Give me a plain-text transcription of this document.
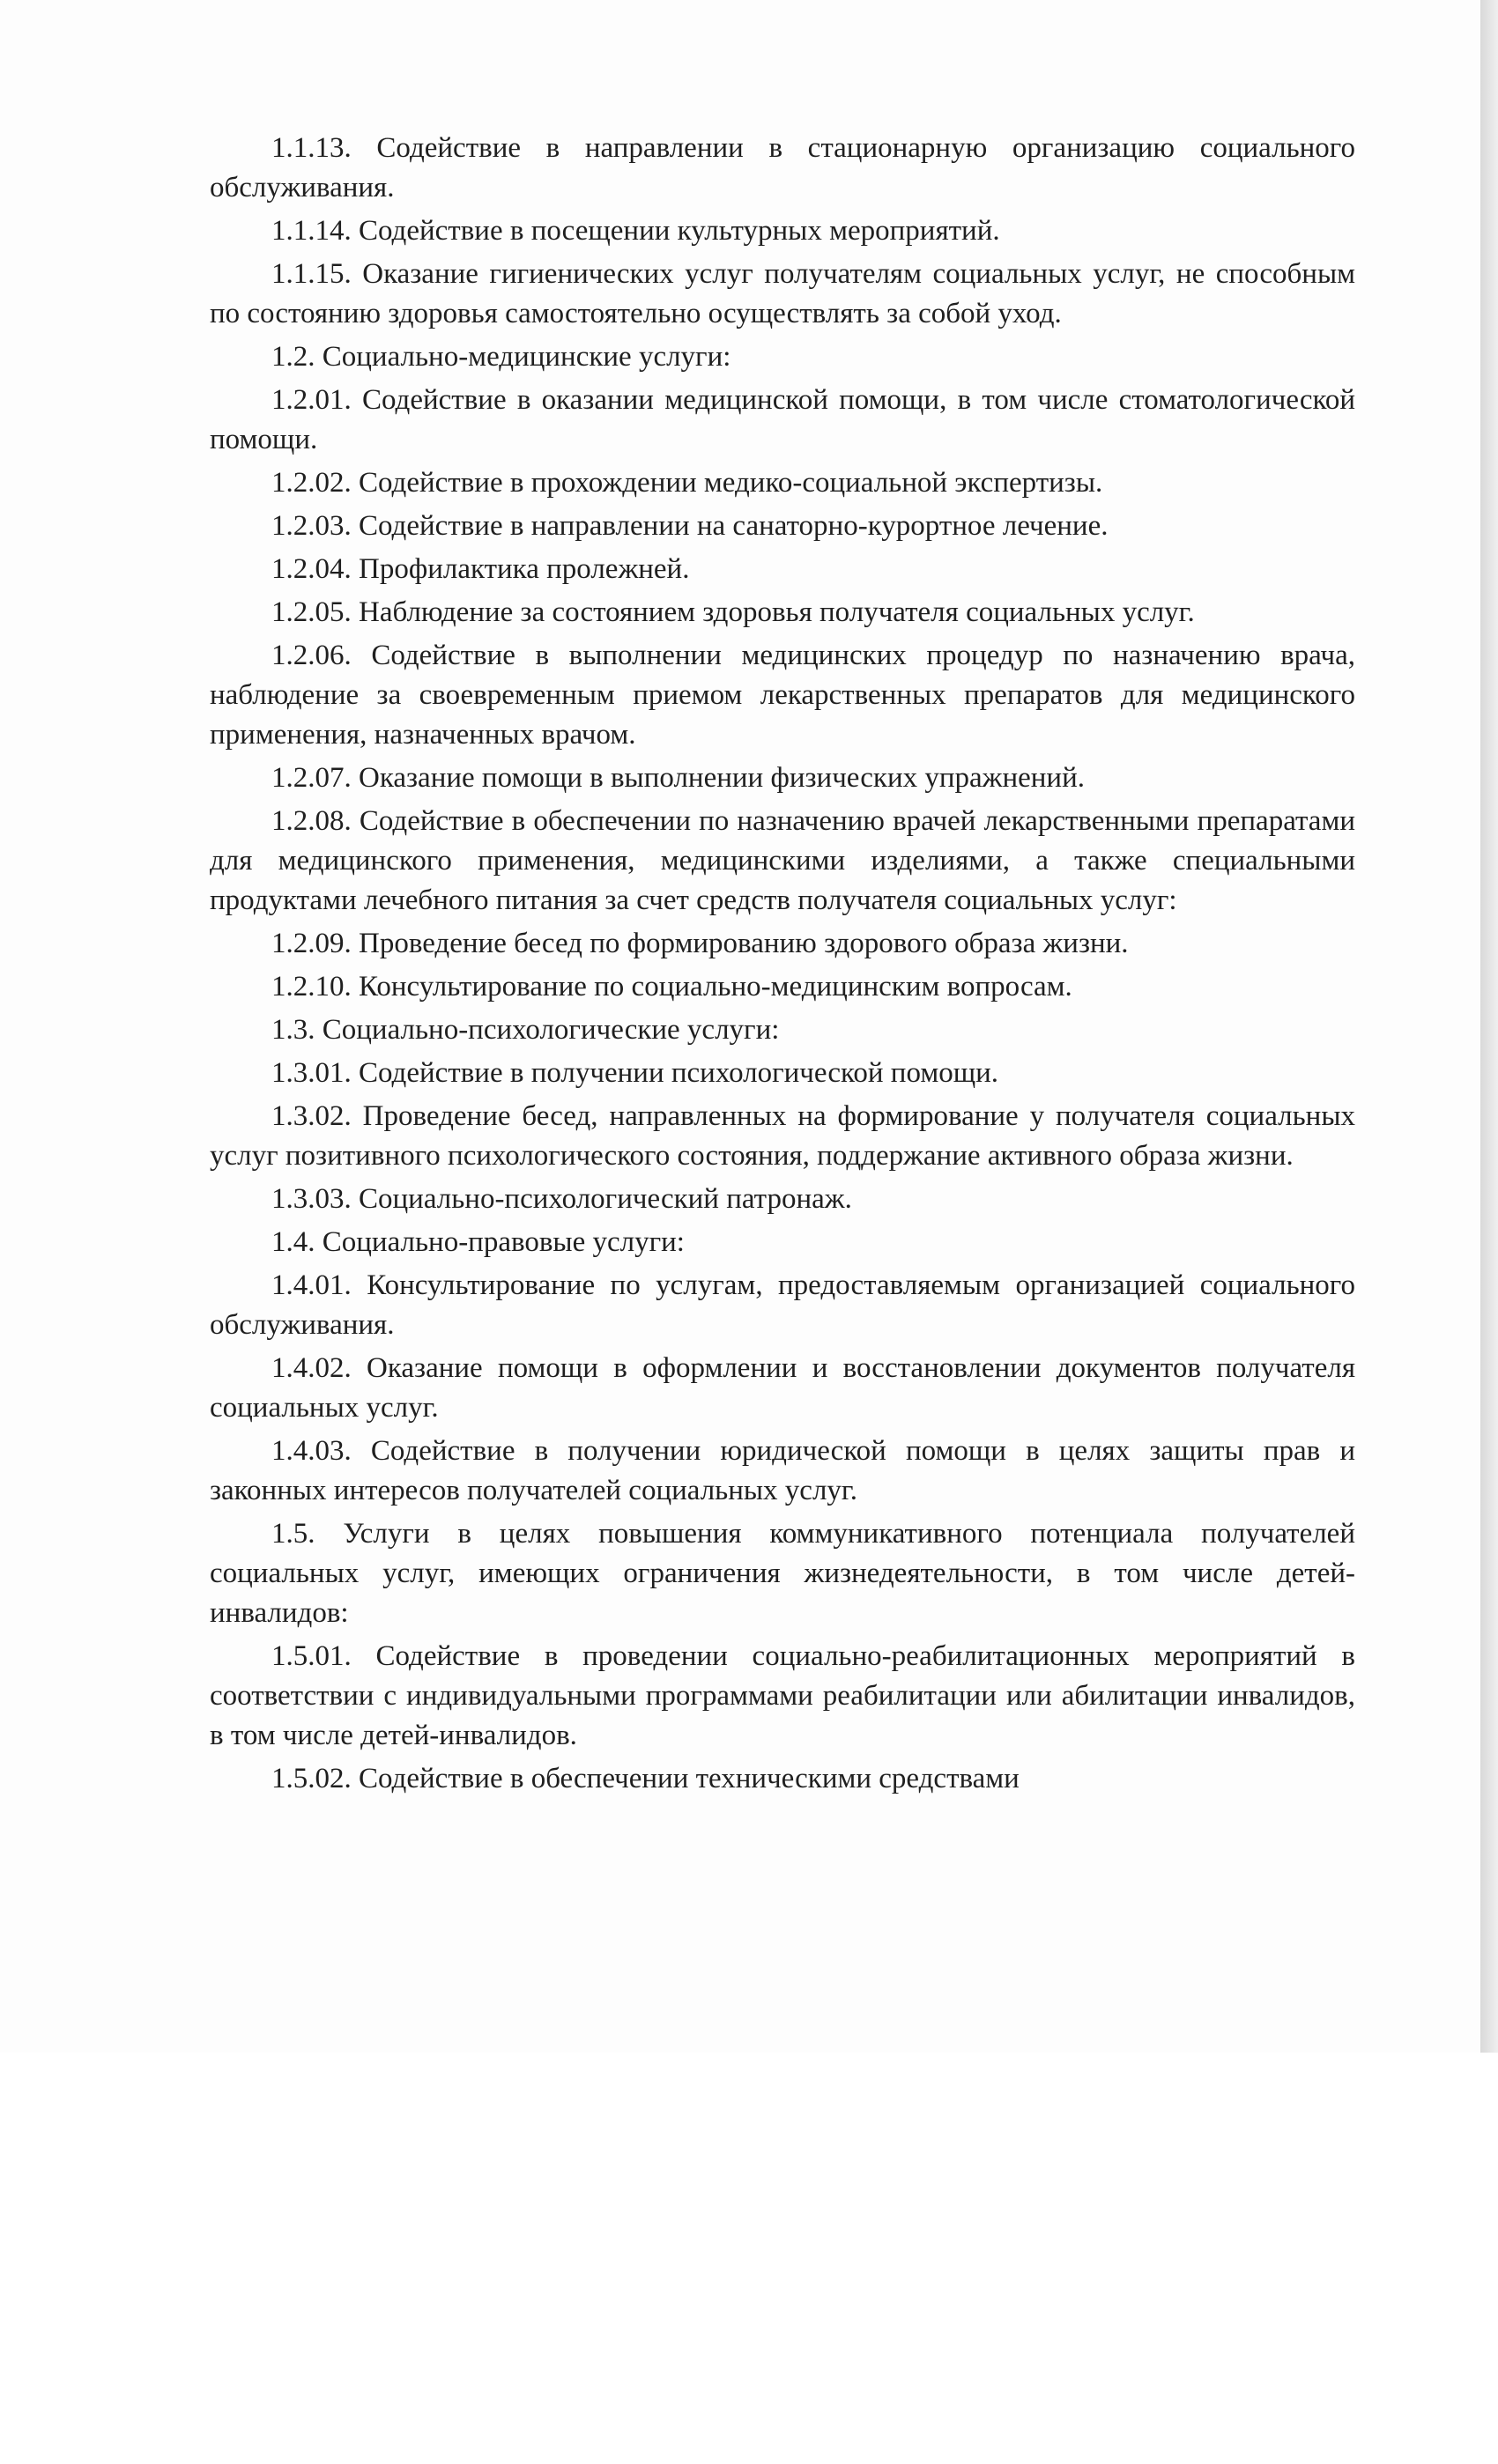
1.1.13. Содействие в направлении в стационарную организацию социального обслуживания.

1.1.14. Содействие в посещении культурных мероприятий.

1.1.15. Оказание гигиенических услуг получателям социальных услуг, не способным по состоянию здоровья самостоятельно осуществлять за собой уход.

1.2. Социально-медицинские услуги:

1.2.01. Содействие в оказании медицинской помощи, в том числе стоматологической помощи.

1.2.02. Содействие в прохождении медико-социальной экспертизы.

1.2.03. Содействие в направлении на санаторно-курортное лечение.

1.2.04. Профилактика пролежней.

1.2.05. Наблюдение за состоянием здоровья получателя социальных услуг.

1.2.06. Содействие в выполнении медицинских процедур по назначению врача, наблюдение за своевременным приемом лекарственных препаратов для медицинского применения, назначенных врачом.

1.2.07. Оказание помощи в выполнении физических упражнений.

1.2.08. Содействие в обеспечении по назначению врачей лекарственными препаратами для медицинского применения, медицинскими изделиями, а также специальными продуктами лечебного питания за счет средств получателя социальных услуг:

1.2.09. Проведение бесед по формированию здорового образа жизни.

1.2.10. Консультирование по социально-медицинским вопросам.

1.3. Социально-психологические услуги:

1.3.01. Содействие в получении психологической помощи.

1.3.02. Проведение бесед, направленных на формирование у получателя социальных услуг позитивного психологического состояния, поддержание активного образа жизни.

1.3.03. Социально-психологический патронаж.

1.4. Социально-правовые услуги:

1.4.01. Консультирование по услугам, предоставляемым организацией социального обслуживания.

1.4.02. Оказание помощи в оформлении и восстановлении документов получателя социальных услуг.

1.4.03. Содействие в получении юридической помощи в целях защиты прав и законных интересов получателей социальных услуг.

1.5. Услуги в целях повышения коммуникативного потенциала получателей социальных услуг, имеющих ограничения жизнедеятельности, в том числе детей-инвалидов:

1.5.01. Содействие в проведении социально-реабилитационных мероприятий в соответствии с индивидуальными программами реабилитации или абилитации инвалидов, в том числе детей-инвалидов.

1.5.02. Содействие в обеспечении техническими средствами
